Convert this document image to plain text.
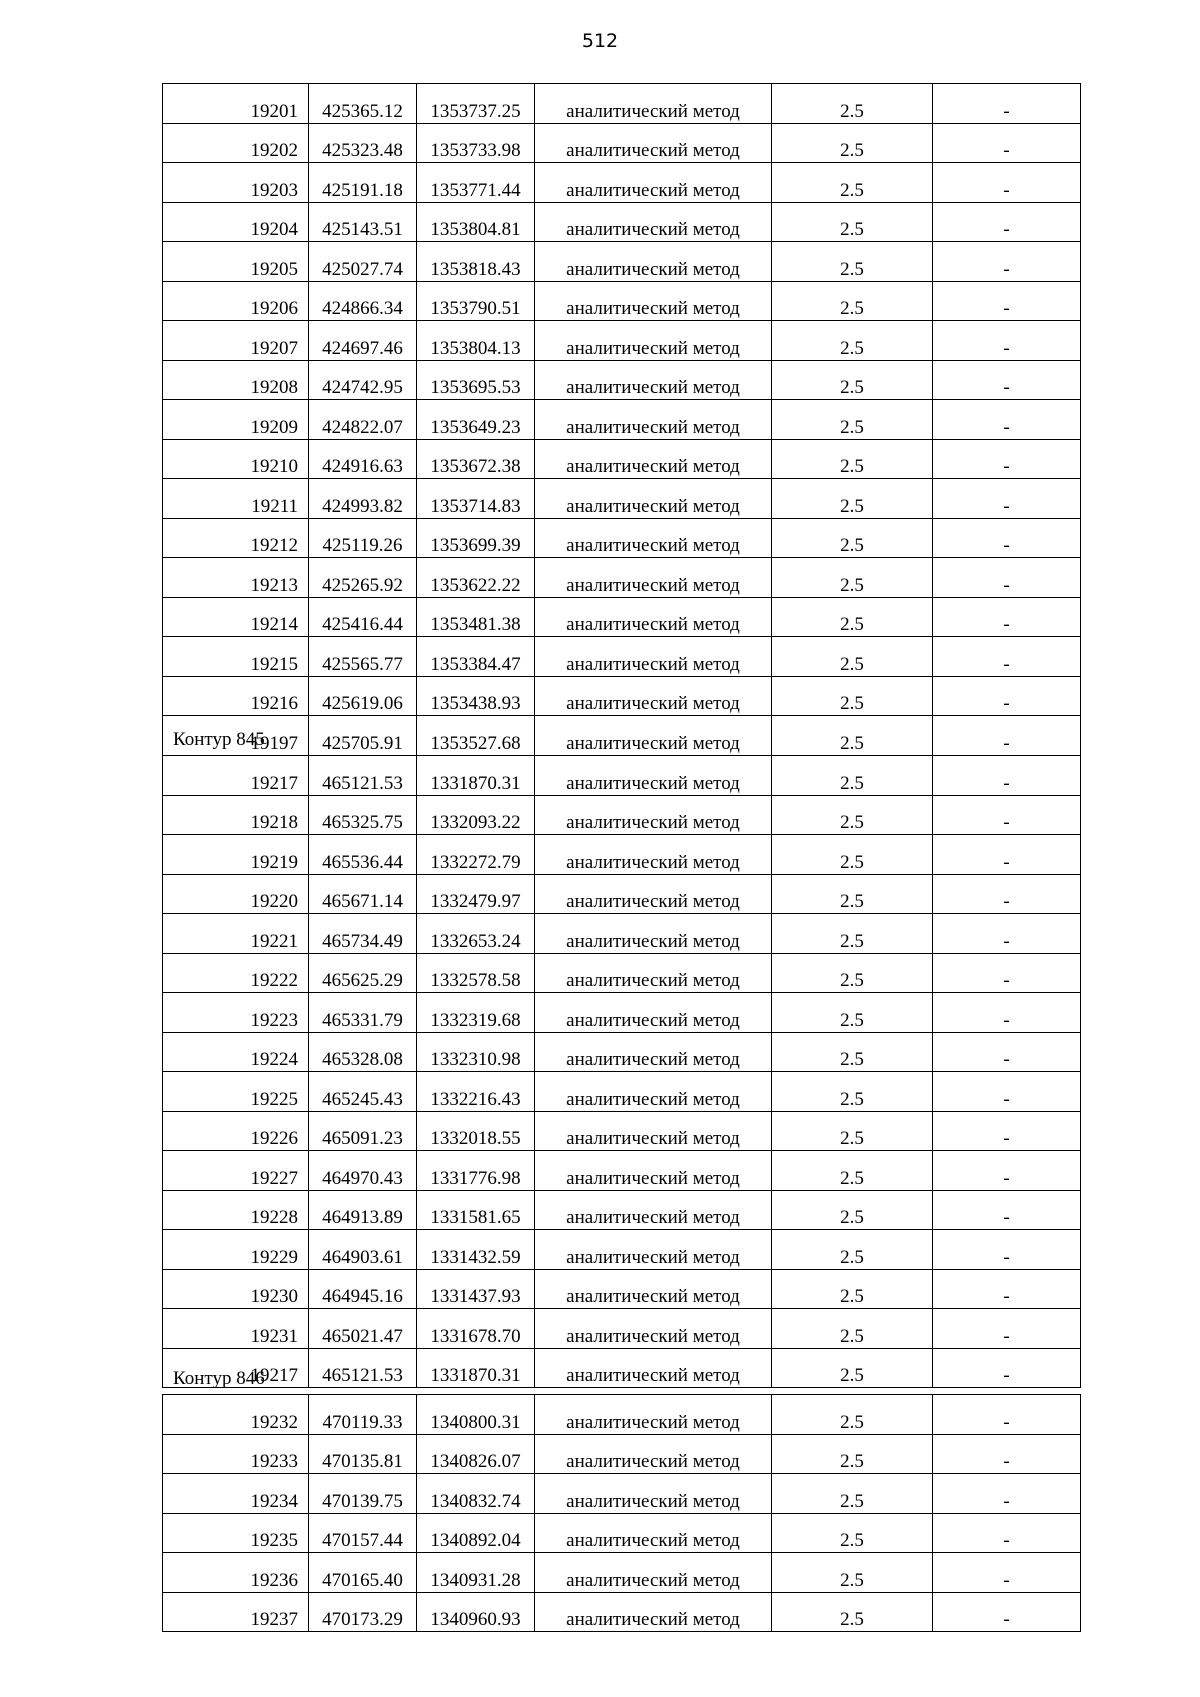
512
19201	425365.12	1353737.25	аналитический метод	2.5	-
19202	425323.48	1353733.98	аналитический метод	2.5	-
19203	425191.18	1353771.44	аналитический метод	2.5	-
19204	425143.51	1353804.81	аналитический метод	2.5	-
19205	425027.74	1353818.43	аналитический метод	2.5	-
19206	424866.34	1353790.51	аналитический метод	2.5	-
19207	424697.46	1353804.13	аналитический метод	2.5	-
19208	424742.95	1353695.53	аналитический метод	2.5	-
19209	424822.07	1353649.23	аналитический метод	2.5	-
19210	424916.63	1353672.38	аналитический метод	2.5	-
19211	424993.82	1353714.83	аналитический метод	2.5	-
19212	425119.26	1353699.39	аналитический метод	2.5	-
19213	425265.92	1353622.22	аналитический метод	2.5	-
19214	425416.44	1353481.38	аналитический метод	2.5	-
19215	425565.77	1353384.47	аналитический метод	2.5	-
19216	425619.06	1353438.93	аналитический метод	2.5	-
19197	425705.91	1353527.68	аналитический метод	2.5	-
Контур 845
19217	465121.53	1331870.31	аналитический метод	2.5	-
19218	465325.75	1332093.22	аналитический метод	2.5	-
19219	465536.44	1332272.79	аналитический метод	2.5	-
19220	465671.14	1332479.97	аналитический метод	2.5	-
19221	465734.49	1332653.24	аналитический метод	2.5	-
19222	465625.29	1332578.58	аналитический метод	2.5	-
19223	465331.79	1332319.68	аналитический метод	2.5	-
19224	465328.08	1332310.98	аналитический метод	2.5	-
19225	465245.43	1332216.43	аналитический метод	2.5	-
19226	465091.23	1332018.55	аналитический метод	2.5	-
19227	464970.43	1331776.98	аналитический метод	2.5	-
19228	464913.89	1331581.65	аналитический метод	2.5	-
19229	464903.61	1331432.59	аналитический метод	2.5	-
19230	464945.16	1331437.93	аналитический метод	2.5	-
19231	465021.47	1331678.70	аналитический метод	2.5	-
19217	465121.53	1331870.31	аналитический метод	2.5	-
Контур 846
19232	470119.33	1340800.31	аналитический метод	2.5	-
19233	470135.81	1340826.07	аналитический метод	2.5	-
19234	470139.75	1340832.74	аналитический метод	2.5	-
19235	470157.44	1340892.04	аналитический метод	2.5	-
19236	470165.40	1340931.28	аналитический метод	2.5	-
19237	470173.29	1340960.93	аналитический метод	2.5	-
